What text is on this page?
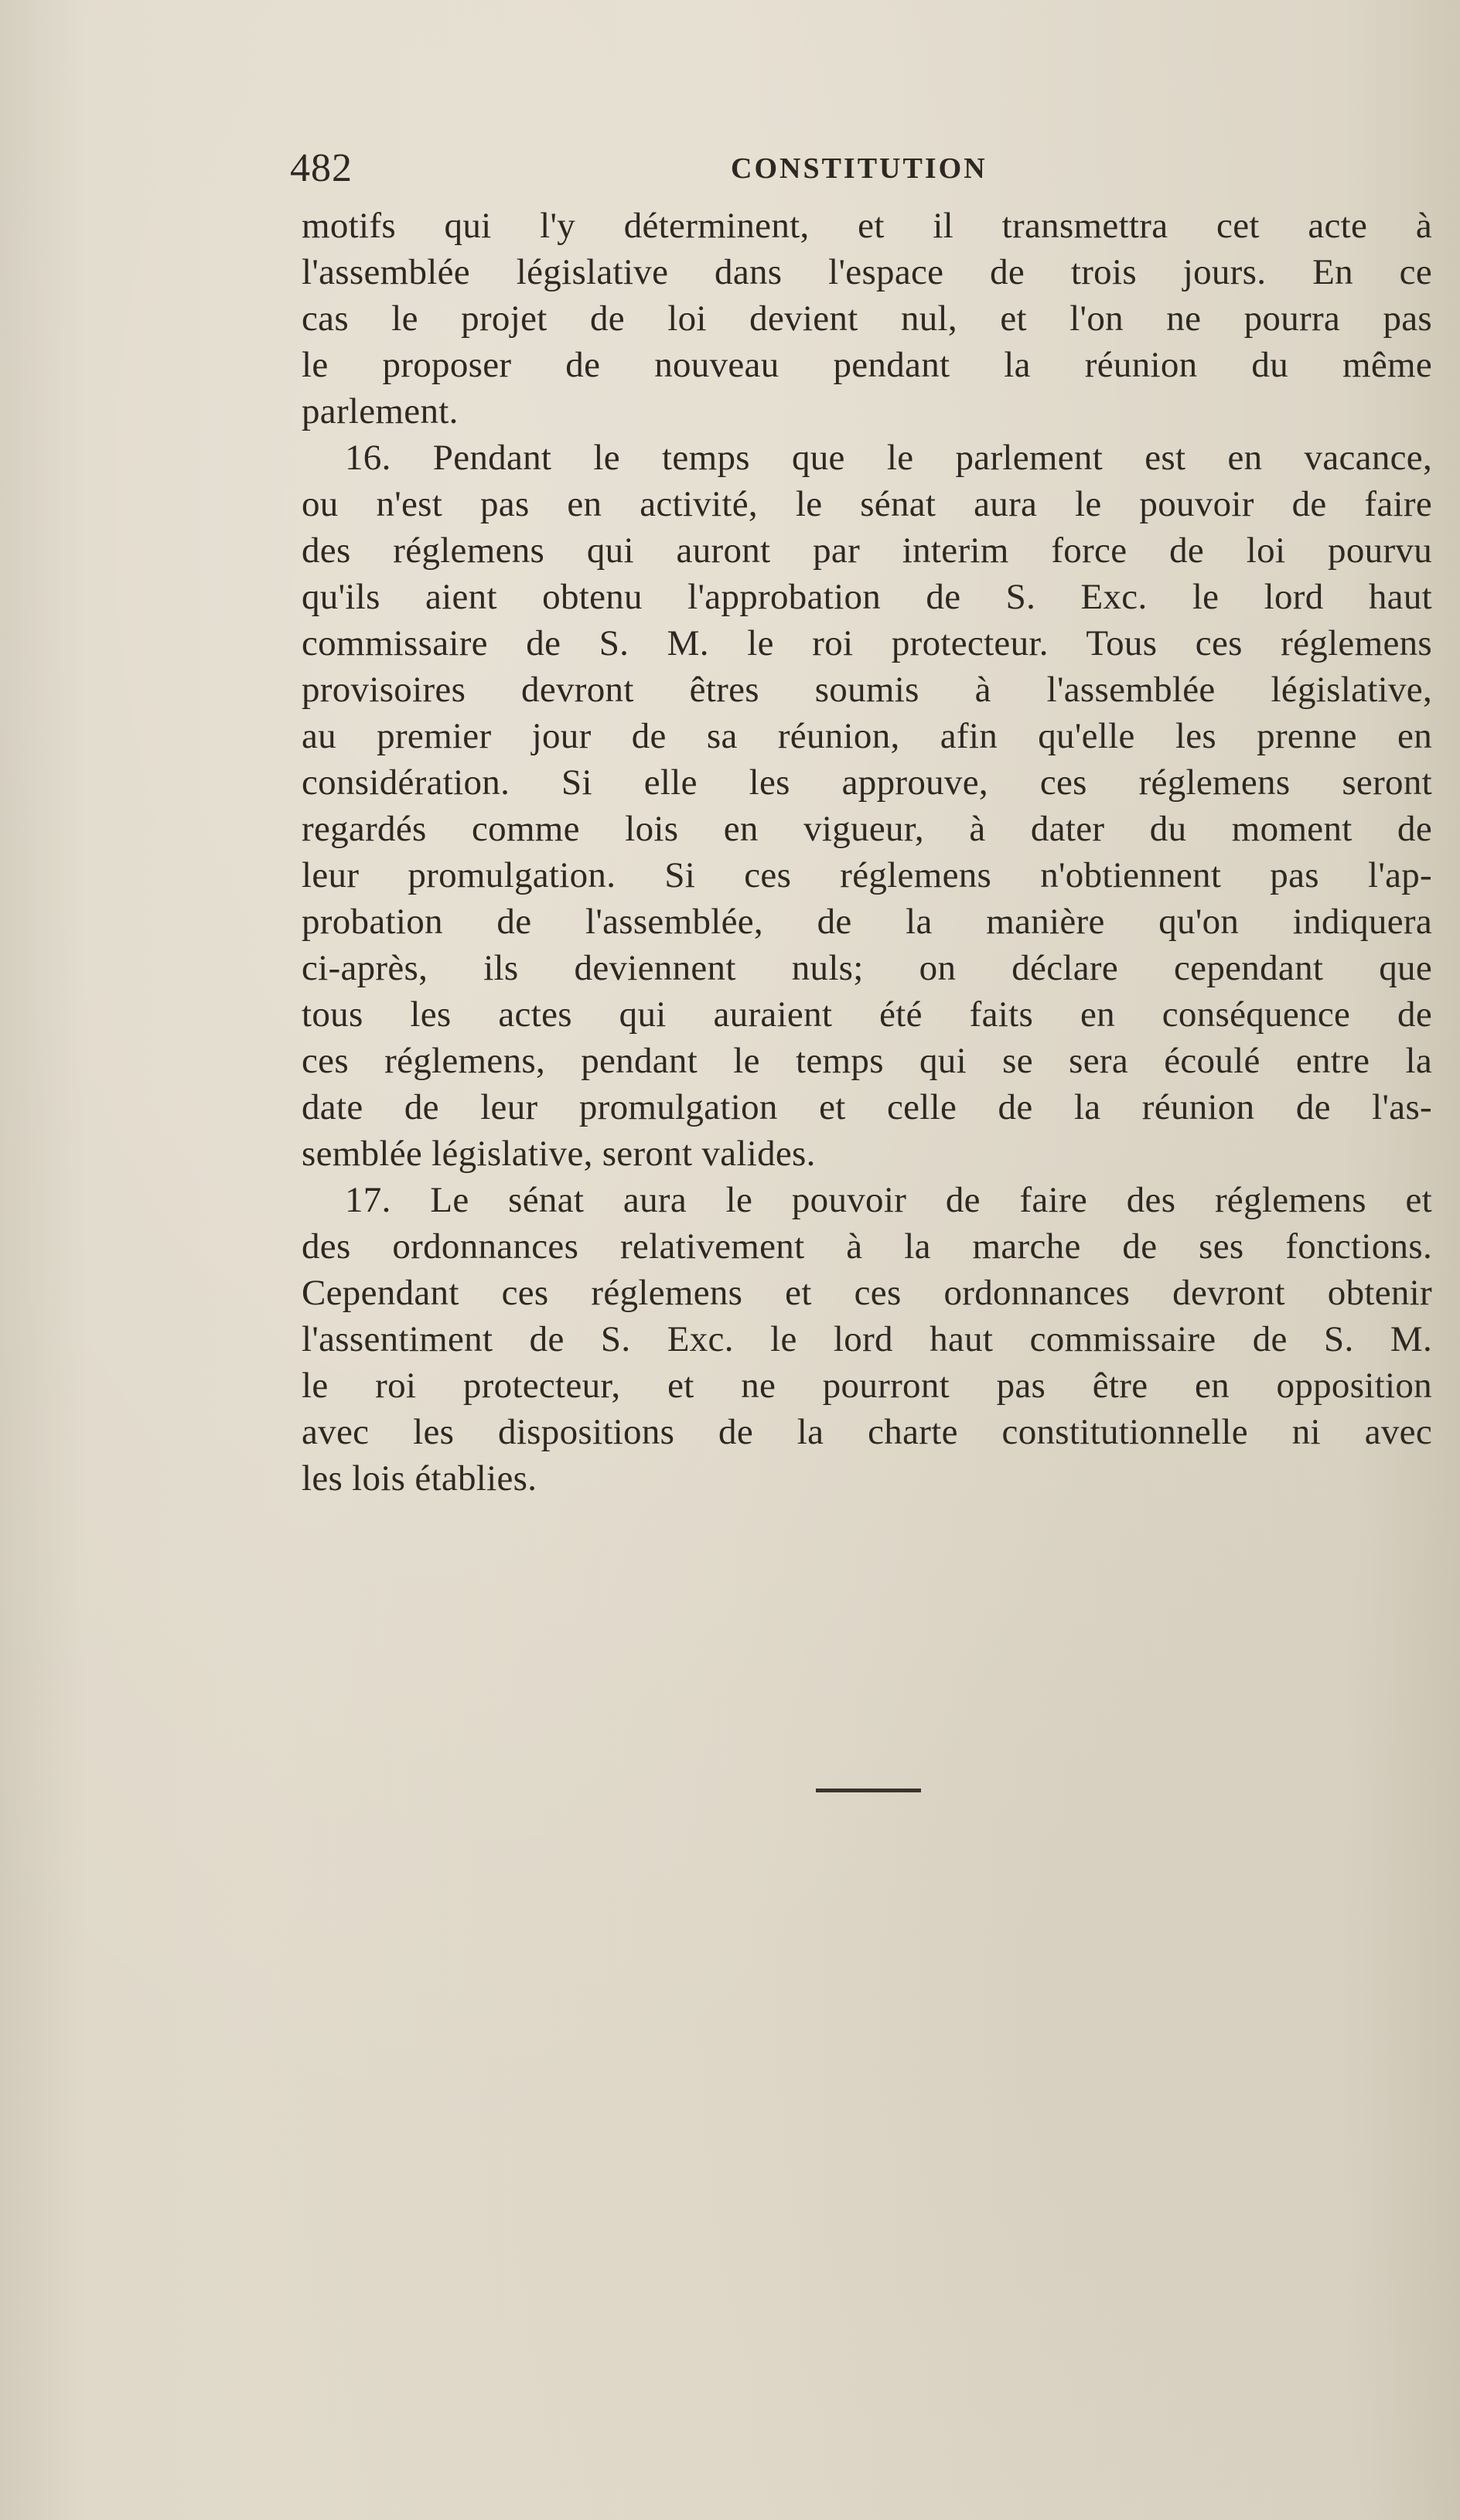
482	CONSTITUTION
motifs qui l'y déterminent, et il transmettra cet acte à
l'assemblée législative dans l'espace de trois jours. En ce
cas le projet de loi devient nul, et l'on ne pourra pas
le proposer de nouveau pendant la réunion du même
parlement.
16. Pendant le temps que le parlement est en vacance,
ou n'est pas en activité, le sénat aura le pouvoir de faire
des réglemens qui auront par interim force de loi pourvu
qu'ils aient obtenu l'approbation de S. Exc. le lord haut
commissaire de S. M. le roi protecteur. Tous ces réglemens
provisoires devront êtres soumis à l'assemblée législative,
au premier jour de sa réunion, afin qu'elle les prenne en
considération. Si elle les approuve, ces réglemens seront
regardés comme lois en vigueur, à dater du moment de
leur promulgation. Si ces réglemens n'obtiennent pas l'ap-
probation de l'assemblée, de la manière qu'on indiquera
ci-après, ils deviennent nuls; on déclare cependant que
tous les actes qui auraient été faits en conséquence de
ces réglemens, pendant le temps qui se sera écoulé entre la
date de leur promulgation et celle de la réunion de l'as-
semblée législative, seront valides.
17. Le sénat aura le pouvoir de faire des réglemens et
des ordonnances relativement à la marche de ses fonctions.
Cependant ces réglemens et ces ordonnances devront obtenir
l'assentiment de S. Exc. le lord haut commissaire de S. M.
le roi protecteur, et ne pourront pas être en opposition
avec les dispositions de la charte constitutionnelle ni avec
les lois établies.
